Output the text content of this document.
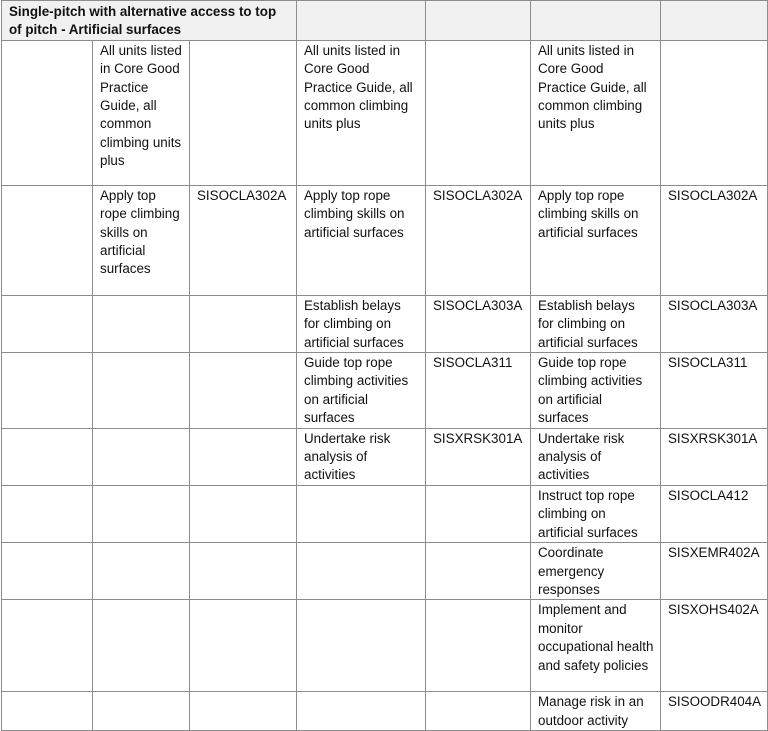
Single-pitch with alternative access to top of pitch - Artificial surfaces						
	All units listed in Core Good Practice Guide, all common climbing units plus		All units listed in Core Good Practice Guide, all common climbing units plus		All units listed in Core Good Practice Guide, all common climbing units plus	
	Apply top rope climbing skills on artificial surfaces	SISOCLA302A	Apply top rope climbing skills on artificial surfaces	SISOCLA302A	Apply top rope climbing skills on artificial surfaces	SISOCLA302A
			Establish belays for climbing on artificial surfaces	SISOCLA303A	Establish belays for climbing on artificial surfaces	SISOCLA303A
			Guide top rope climbing activities on artificial surfaces	SISOCLA311	Guide top rope climbing activities on artificial surfaces	SISOCLA311
			Undertake risk analysis of activities	SISXRSK301A	Undertake risk analysis of activities	SISXRSK301A
					Instruct top rope climbing on artificial surfaces	SISOCLA412
					Coordinate emergency responses	SISXEMR402A
					Implement and monitor occupational health and safety policies	SISXOHS402A
					Manage risk in an outdoor activity	SISOODR404A
